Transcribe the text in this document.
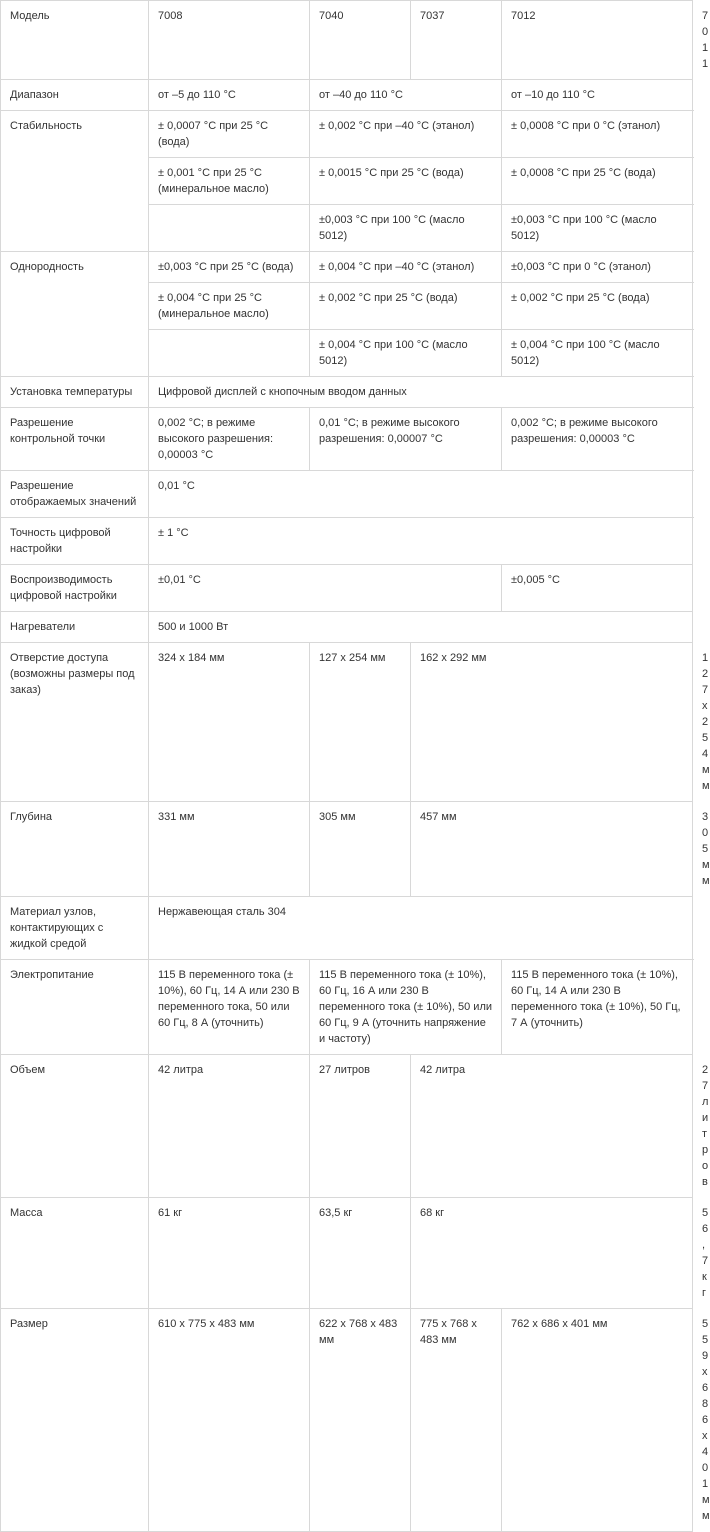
Модель	7008	7040	7037	7012	7011
Диапазон	от –5 до 110 °C	от –40 до 110 °C		от –10 до 110 °C	
Стабильность	± 0,0007 °C при 25 °C (вода)	± 0,002 °C при –40 °C (этанол)		± 0,0008 °C при 0 °C (этанол)	
	± 0,001 °C при 25 °C (минеральное масло)	± 0,0015 °C при 25 °C (вода)		± 0,0008 °C при 25 °C (вода)	
		±0,003 °C при 100 °C (масло 5012)		±0,003 °C при 100 °C (масло 5012)	
Однородность	±0,003 °C при 25 °C (вода)	± 0,004 °C при –40 °C (этанол)		±0,003 °C при 0 °C (этанол)	
	± 0,004 °C при 25 °C (минеральное масло)	± 0,002 °C при 25 °C (вода)		± 0,002 °C при 25 °C (вода)	
		± 0,004 °C при 100 °C (масло 5012)		± 0,004 °C при 100 °C (масло 5012)	
Установка температуры	Цифровой дисплей с кнопочным вводом данных				
Разрешение контрольной точки	0,002 °C; в режиме высокого разрешения: 0,00003 °C	0,01 °C; в режиме высокого разрешения: 0,00007 °C		0,002 °C; в режиме высокого разрешения: 0,00003 °C	
Разрешение отображаемых значений	0,01 °C				
Точность цифровой настройки	± 1 °C				
Воспроизводимость цифровой настройки	±0,01 °C			±0,005 °C	
Нагреватели	500 и 1000 Вт				
Отверстие доступа (возможны размеры под заказ)	324 x 184 мм	127 x 254 мм	162 x 292 мм		127 x 254 мм
Глубина	331 мм	305 мм	457 мм		305 мм
Материал узлов, контактирующих с жидкой средой	Нержавеющая сталь 304				
Электропитание	115 В переменного тока (± 10%), 60 Гц, 14 А или 230 В переменного тока, 50 или 60 Гц, 8 А (уточнить)	115 В переменного тока (± 10%), 60 Гц, 16 А или 230 В переменного тока (± 10%), 50 или 60 Гц, 9 А (уточнить напряжение и частоту)		115 В переменного тока (± 10%), 60 Гц, 14 А или 230 В переменного тока (± 10%), 50 Гц, 7 А (уточнить)	
Объем	42 литра	27 литров	42 литра		27 литров
Масса	61 кг	63,5 кг	68 кг		56,7 кг
Размер	610 x 775 x 483 мм	622 x 768 x 483 мм	775 x 768 x 483 мм	762 x 686 x 401 мм	559 x 686 x 401 мм
